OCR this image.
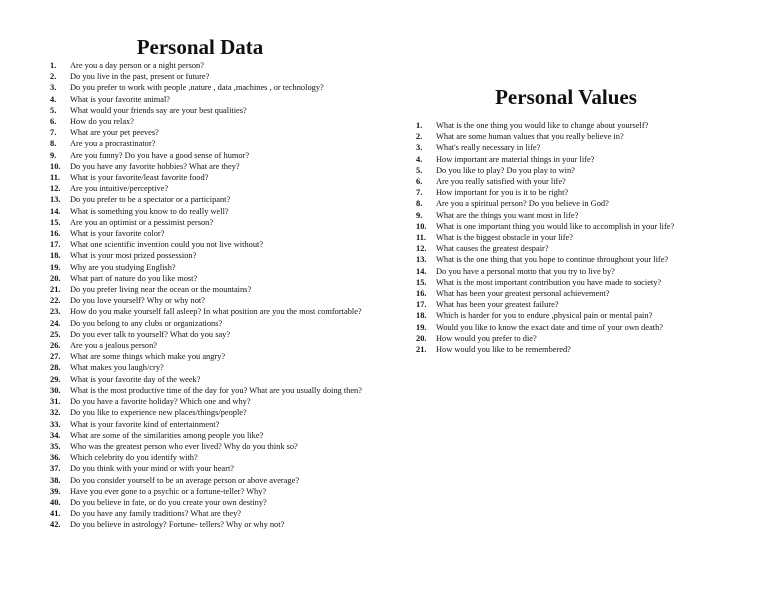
Personal Data
1.	Are you a day person or a night person?
2.	Do you live in the past, present or future?
3.	Do you prefer to work with people ,nature , data ,machines , or technology?
4.	What is your favorite animal?
5.	What would your friends say are your best qualities?
6.	How do you relax?
7.	What are your pet peeves?
8.	Are you a procrastinator?
9.	Are you funny? Do you have a good sense of humor?
10.	Do you have any favorite hobbies? What are they?
11.	What is your favorite/least favorite food?
12.	Are you intuitive/perceptive?
13.	Do you prefer to be a spectator or a participant?
14.	What is something you know to do really well?
15.	Are you an optimist or a pessimist person?
16.	What is your favorite color?
17.	What one scientific invention could you not live without?
18.	What is your most prized possession?
19.	Why are you studying English?
20.	What part of nature do you like most?
21.	Do you prefer living near the ocean or the mountains?
22.	Do you love yourself? Why or why not?
23.	How do you make yourself fall asleep? In what position are you the most comfortable?
24.	Do you belong to any clubs or organizations?
25.	Do you ever talk to yourself? What do you say?
26.	Are you a jealous person?
27.	What are some things which make you angry?
28.	What makes you laugh/cry?
29.	What is your favorite day of the week?
30.	What is the most productive time of the day for you? What are you usually doing then?
31.	Do you have a favorite holiday? Which one and why?
32.	Do you like to experience new places/things/people?
33.	What is your favorite kind of entertainment?
34.	What are some of the similarities among people you like?
35.	Who was the greatest person who ever lived? Why do you think so?
36.	Which celebrity do you identify with?
37.	Do you think with your mind or with your heart?
38.	Do you consider yourself to be an average person or above average?
39.	Have you ever gone to a psychic or a fortune-teller? Why?
40.	Do you believe in fate, or do you create your own destiny?
41.	Do you have any family traditions? What are they?
42.	Do you believe in astrology? Fortune- tellers? Why or why not?
Personal Values
1.	What is the one thing you would like to change about yourself?
2.	What are some human values that you really believe in?
3.	What's really necessary in life?
4.	How important are material things in your life?
5.	Do you like to play? Do you play to win?
6.	Are you really satisfied with your life?
7.	How important for you is it to be right?
8.	Are you a spiritual person? Do you believe in God?
9.	What are the things you want most in life?
10.	What is one important thing you would like to accomplish in your life?
11.	What is the biggest obstacle in your life?
12.	What causes the greatest despair?
13.	What is the one thing that you hope to continue throughout your life?
14.	Do you have a personal motto that you try to live by?
15.	What is the most important contribution you have made to society?
16.	What has been your greatest personal achievement?
17.	What has been your greatest failure?
18.	Which is harder for you to endure ,physical pain or mental pain?
19.	Would you like to know the exact date and time of your own death?
20.	How would you prefer to die?
21.	How would you like to be remembered?
